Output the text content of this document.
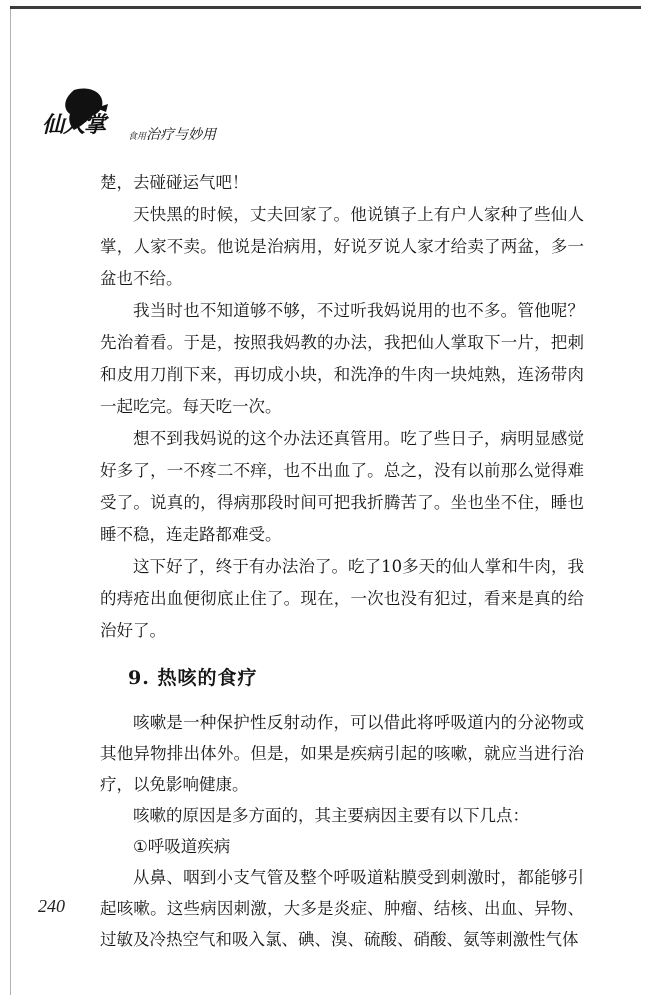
仙人掌	食用治疗与妙用

楚，去碰碰运气吧！

天快黑的时候，丈夫回家了。他说镇子上有户人家种了些仙人掌，人家不卖。他说是治病用，好说歹说人家才给卖了两盆，多一盆也不给。

我当时也不知道够不够，不过听我妈说用的也不多。管他呢？先治着看。于是，按照我妈教的办法，我把仙人掌取下一片，把刺和皮用刀削下来，再切成小块，和洗净的牛肉一块炖熟，连汤带肉一起吃完。每天吃一次。

想不到我妈说的这个办法还真管用。吃了些日子，病明显感觉好多了，一不疼二不痒，也不出血了。总之，没有以前那么觉得难受了。说真的，得病那段时间可把我折腾苦了。坐也坐不住，睡也睡不稳，连走路都难受。

这下好了，终于有办法治了。吃了10多天的仙人掌和牛肉，我的痔疮出血便彻底止住了。现在，一次也没有犯过，看来是真的给治好了。

9. 热咳的食疗

咳嗽是一种保护性反射动作，可以借此将呼吸道内的分泌物或其他异物排出体外。但是，如果是疾病引起的咳嗽，就应当进行治疗，以免影响健康。

咳嗽的原因是多方面的，其主要病因主要有以下几点：

①呼吸道疾病

从鼻、咽到小支气管及整个呼吸道粘膜受到刺激时，都能够引起咳嗽。这些病因刺激，大多是炎症、肿瘤、结核、出血、异物、过敏及冷热空气和吸入氯、碘、溴、硫酸、硝酸、氨等刺激性气体

240
